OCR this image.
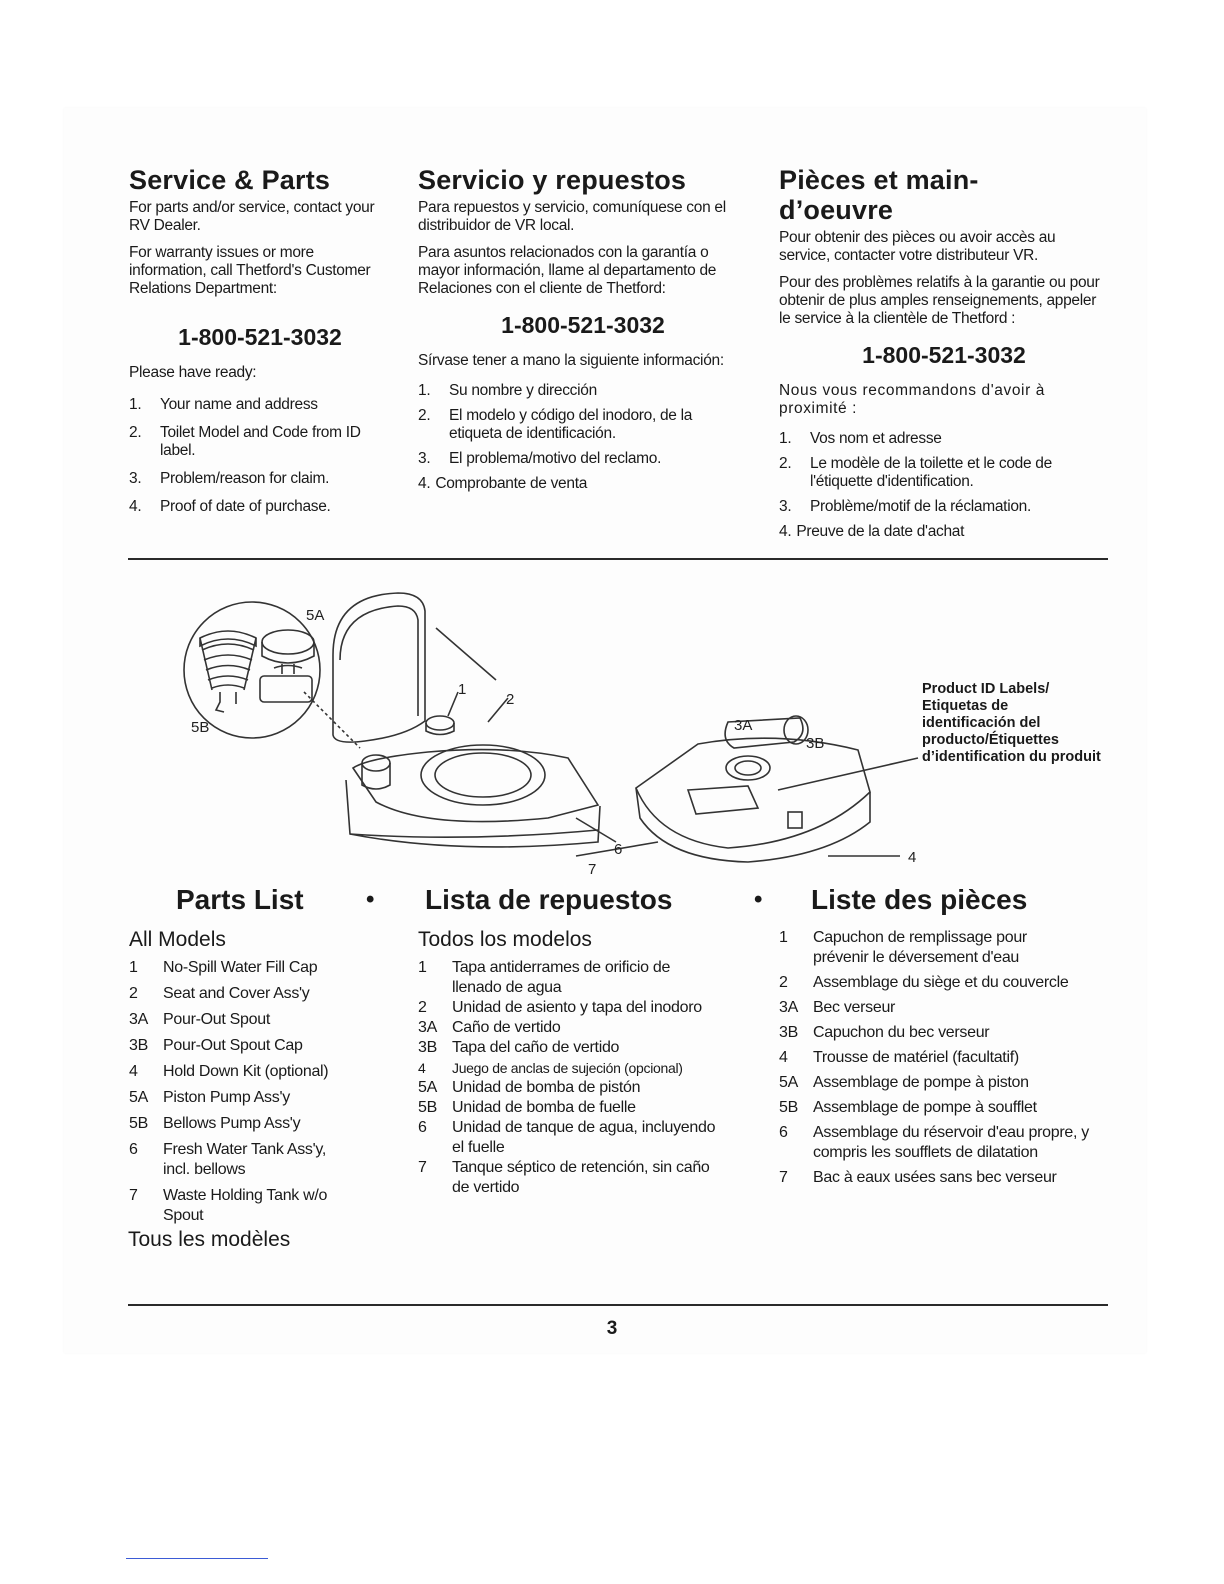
Service & Parts

For parts and/or service, contact your RV Dealer.

For warranty issues or more information, call Thetford's Customer Relations Department:

1-800-521-3032

Please have ready:

1.	Your name and address
2.	Toilet Model and Code from ID label.
3.	Problem/reason for claim.
4.	Proof of date of purchase.
Servicio y repuestos

Para repuestos y servicio, comuníquese con el distribuidor de VR local.

Para asuntos relacionados con la garantía o mayor información, llame al departamento de Relaciones con el cliente de Thetford:

1-800-521-3032

Sírvase tener a mano la siguiente información:

1.	Su nombre y dirección
2.	El modelo y código del inodoro, de la etiqueta de identificación.
3.	El problema/motivo del reclamo.
4. Comprobante de venta
Pièces et main-
d’oeuvre

Pour obtenir des pièces ou avoir accès au service, contacter votre distributeur VR.

Pour des problèmes relatifs à la garantie ou pour obtenir de plus amples renseignements, appeler le service à la clientèle de Thetford :

1-800-521-3032

Nous vous recommandons d'avoir à proximité :

1.	Vos nom et adresse
2.	Le modèle de la toilette et le code de l'étiquette d'identification.
3.	Problème/motif de la réclamation.
4. Preuve de la date d'achat
5A
5B
1
2
3A
3B
6
7
4
Product ID Labels/ Etiquetas de identificación del producto/Étiquettes d’identification du produit
Parts List	• Lista de repuestos	• Liste des pièces
All Models
1	No-Spill Water Fill Cap
2	Seat and Cover Ass'y
3A Pour-Out Spout
3B Pour-Out Spout Cap
4	Hold Down Kit (optional)
5A Piston Pump Ass'y
5B Bellows Pump Ass'y
6	Fresh Water Tank Ass'y, incl. bellows
7	Waste Holding Tank w/o Spout
Tous les modèles
Todos los modelos
1	Tapa antiderrames de orificio de llenado de agua
2	Unidad de asiento y tapa del inodoro
3A Caño de vertido
3B Tapa del caño de vertido
4	Juego de anclas de sujeción (opcional)
5A Unidad de bomba de pistón
5B Unidad de bomba de fuelle
6	Unidad de tanque de agua, incluyendo el fuelle
7	Tanque séptico de retención, sin caño de vertido
1	Capuchon de remplissage pour prévenir le déversement d'eau
2	Assemblage du siège et du couvercle
3A Bec verseur
3B Capuchon du bec verseur
4	Trousse de matériel (facultatif)
5A Assemblage de pompe à piston
5B Assemblage de pompe à soufflet
6	Assemblage du réservoir d'eau propre, y compris les soufflets de dilatation
7	Bac à eaux usées sans bec verseur
3
